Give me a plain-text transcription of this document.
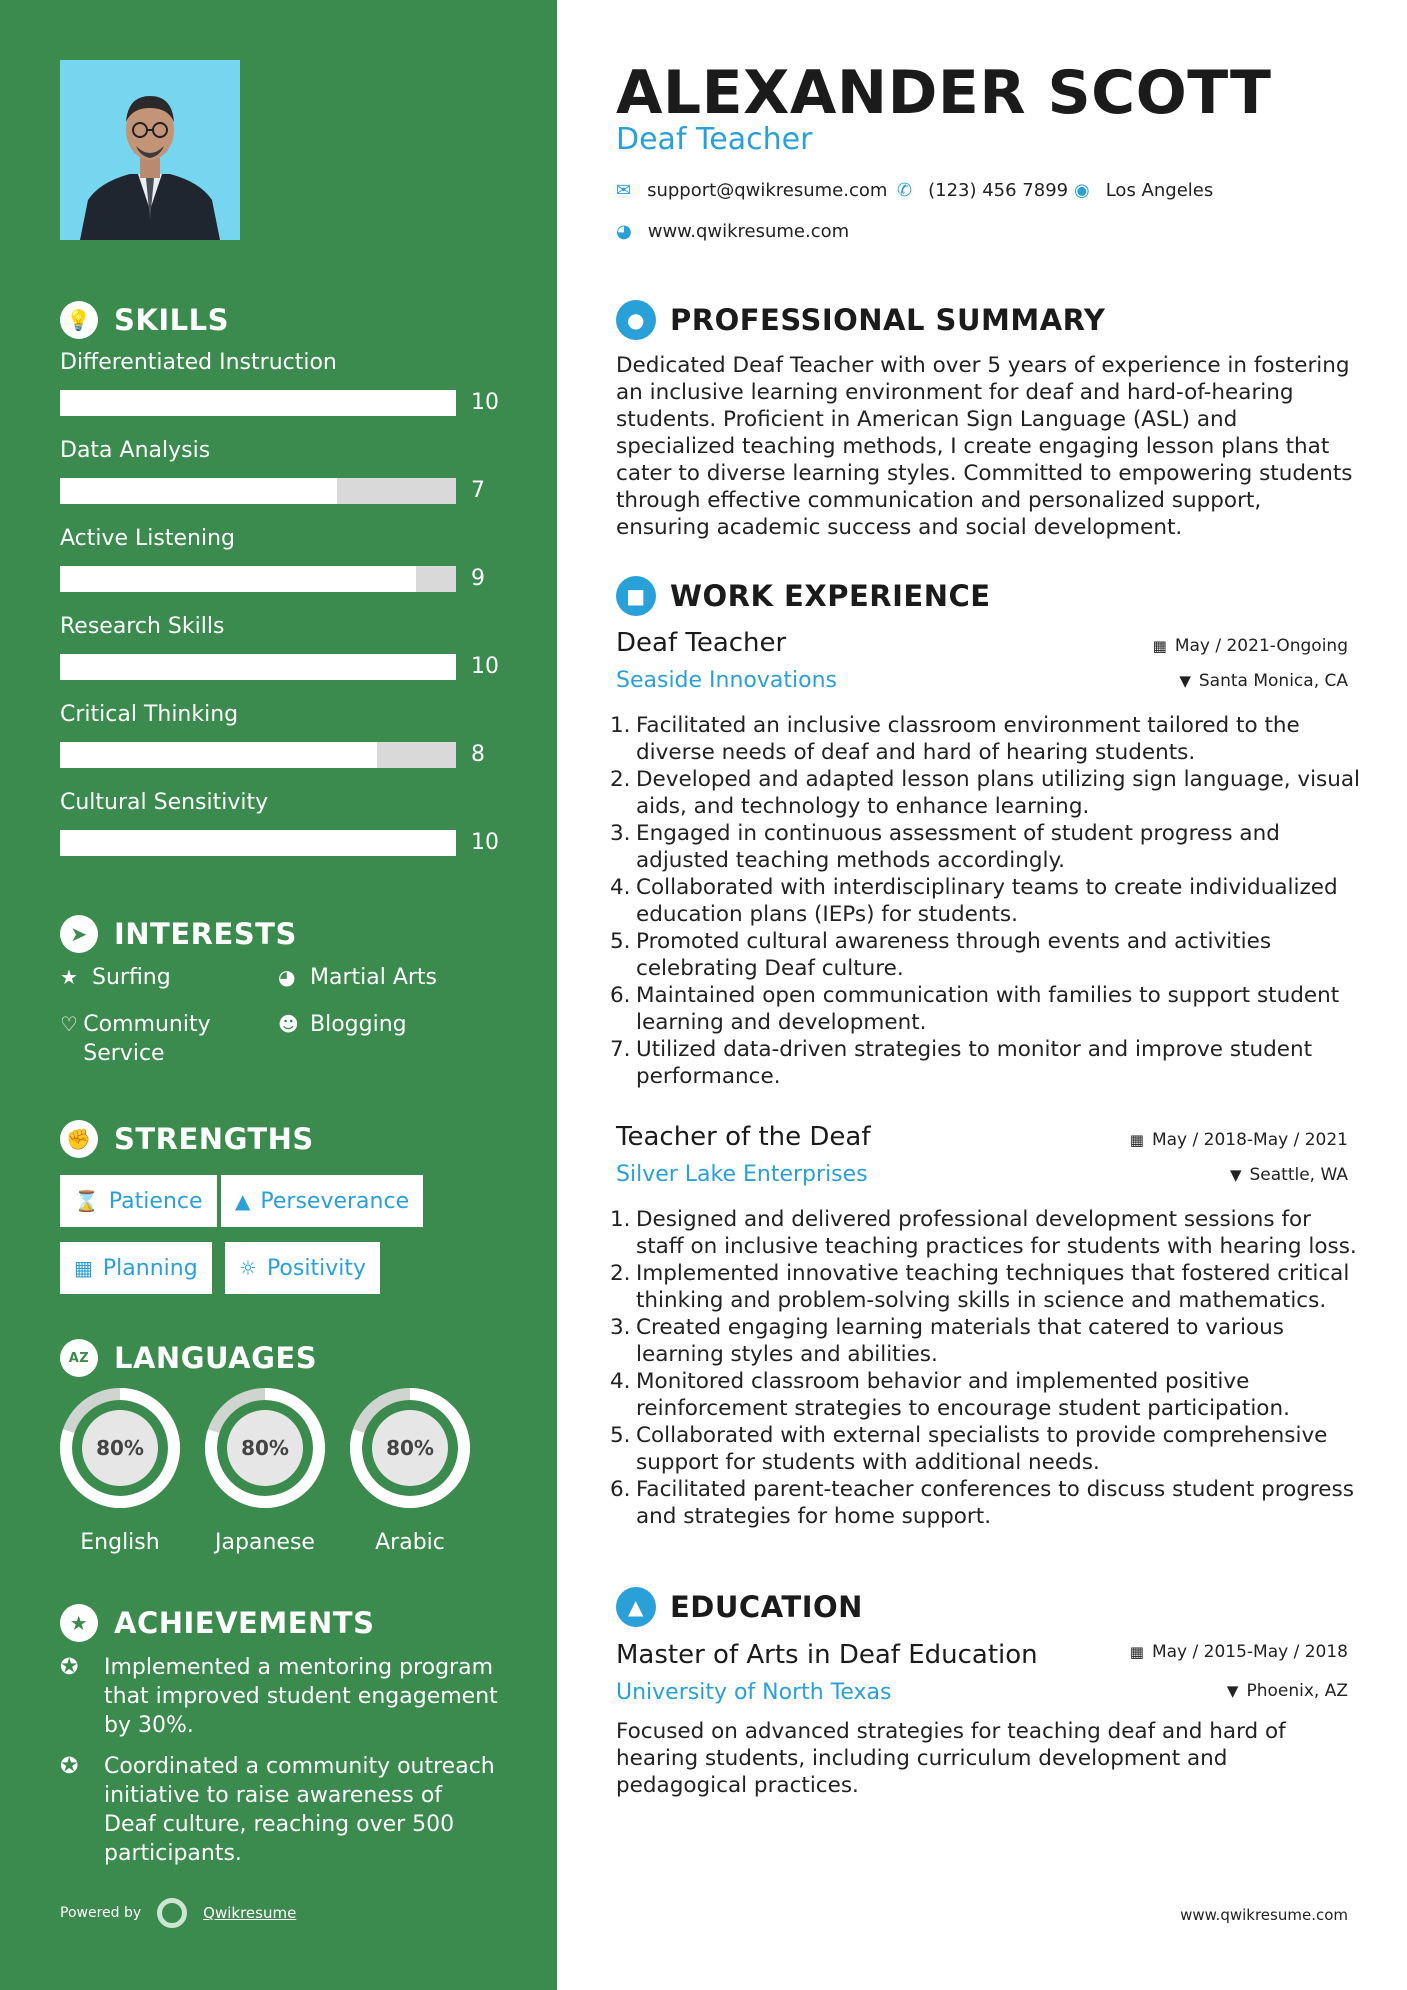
💡 SKILLS
Differentiated Instruction
10
Data Analysis
7
Active Listening
9
Research Skills
10
Critical Thinking
8
Cultural Sensitivity
10
➤ INTERESTS
★ Surfing	◕ Martial Arts
♡ Community Service
☻ Blogging
✊ STRENGTHS
⌛ Patience ▲ Perseverance
▦ Planning ☼ Positivity
AZ LANGUAGES
80%
English
80%
Japanese
80%
Arabic
★ ACHIEVEMENTS
✪	Implemented a mentoring program that improved student engagement by 30%.
✪	Coordinated a community outreach initiative to raise awareness of Deaf culture, reaching over 500 participants.
Powered by	Qwikresume
ALEXANDER SCOTT
Deaf Teacher
✉ support@qwikresume.com ✆ (123) 456 7899 ◉ Los Angeles
◕ www.qwikresume.com
● PROFESSIONAL SUMMARY
Dedicated Deaf Teacher with over 5 years of experience in fostering an inclusive learning environment for deaf and hard-of-hearing students. Proficient in American Sign Language (ASL) and specialized teaching methods, I create engaging lesson plans that cater to diverse learning styles. Committed to empowering students through effective communication and personalized support, ensuring academic success and social development.
■ WORK EXPERIENCE
Deaf Teacher
Seaside Innovations
▦ May / 2021-Ongoing
▼ Santa Monica, CA
1. Facilitated an inclusive classroom environment tailored to the diverse needs of deaf and hard of hearing students.
2. Developed and adapted lesson plans utilizing sign language, visual aids, and technology to enhance learning.
3. Engaged in continuous assessment of student progress and adjusted teaching methods accordingly.
4. Collaborated with interdisciplinary teams to create individualized education plans (IEPs) for students.
5. Promoted cultural awareness through events and activities celebrating Deaf culture.
6. Maintained open communication with families to support student learning and development.
7. Utilized data-driven strategies to monitor and improve student performance.
Teacher of the Deaf
Silver Lake Enterprises
▦ May / 2018-May / 2021
▼ Seattle, WA
1. Designed and delivered professional development sessions for staff on inclusive teaching practices for students with hearing loss.
2. Implemented innovative teaching techniques that fostered critical thinking and problem-solving skills in science and mathematics.
3. Created engaging learning materials that catered to various learning styles and abilities.
4. Monitored classroom behavior and implemented positive reinforcement strategies to encourage student participation.
5. Collaborated with external specialists to provide comprehensive support for students with additional needs.
6. Facilitated parent-teacher conferences to discuss student progress and strategies for home support.
▲ EDUCATION
Master of Arts in Deaf Education
University of North Texas
▦ May / 2015-May / 2018
▼ Phoenix, AZ
Focused on advanced strategies for teaching deaf and hard of hearing students, including curriculum development and pedagogical practices.
www.qwikresume.com
